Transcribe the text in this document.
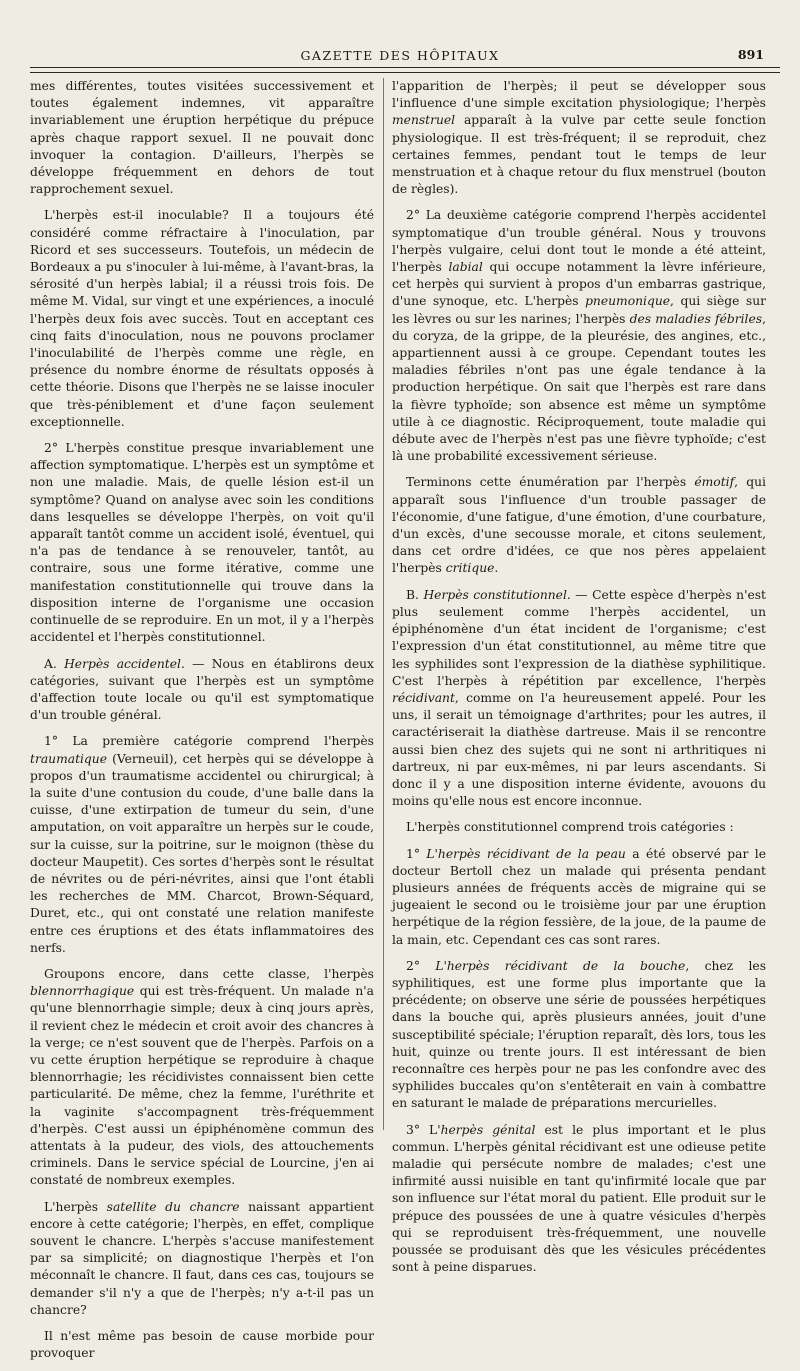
GAZETTE DES HÔPITAUX	891

mes différentes, toutes visitées successivement et toutes également indemnes, vit apparaître invariablement une éruption herpétique du prépuce après chaque rapport sexuel. Il ne pouvait donc invoquer la contagion. D'ailleurs, l'herpès se développe fréquemment en dehors de tout rapprochement sexuel.

L'herpès est-il inoculable? Il a toujours été considéré comme réfractaire à l'inoculation, par Ricord et ses successeurs. Toutefois, un médecin de Bordeaux a pu s'inoculer à lui-même, à l'avant-bras, la sérosité d'un herpès labial; il a réussi trois fois. De même M. Vidal, sur vingt et une expériences, a inoculé l'herpès deux fois avec succès. Tout en acceptant ces cinq faits d'inoculation, nous ne pouvons proclamer l'inoculabilité de l'herpès comme une règle, en présence du nombre énorme de résultats opposés à cette théorie. Disons que l'herpès ne se laisse inoculer que très-péniblement et d'une façon seulement exceptionnelle.

2° L'herpès constitue presque invariablement une affection symptomatique. L'herpès est un symptôme et non une maladie. Mais, de quelle lésion est-il un symptôme? Quand on analyse avec soin les conditions dans lesquelles se développe l'herpès, on voit qu'il apparaît tantôt comme un accident isolé, éventuel, qui n'a pas de tendance à se renouveler, tantôt, au contraire, sous une forme itérative, comme une manifestation constitutionnelle qui trouve dans la disposition interne de l'organisme une occasion continuelle de se reproduire. En un mot, il y a l'herpès accidentel et l'herpès constitutionnel.

A. Herpès accidentel. — Nous en établirons deux catégories, suivant que l'herpès est un symptôme d'affection toute locale ou qu'il est symptomatique d'un trouble général.

1° La première catégorie comprend l'herpès traumatique (Verneuil), cet herpès qui se développe à propos d'un traumatisme accidentel ou chirurgical; à la suite d'une contusion du coude, d'une balle dans la cuisse, d'une extirpation de tumeur du sein, d'une amputation, on voit apparaître un herpès sur le coude, sur la cuisse, sur la poitrine, sur le moignon (thèse du docteur Maupetit). Ces sortes d'herpès sont le résultat de névrites ou de péri-névrites, ainsi que l'ont établi les recherches de MM. Charcot, Brown-Séquard, Duret, etc., qui ont constaté une relation manifeste entre ces éruptions et des états inflammatoires des nerfs.

Groupons encore, dans cette classe, l'herpès blennorrhagique qui est très-fréquent. Un malade n'a qu'une blennorrhagie simple; deux à cinq jours après, il revient chez le médecin et croit avoir des chancres à la verge; ce n'est souvent que de l'herpès. Parfois on a vu cette éruption herpétique se reproduire à chaque blennorrhagie; les récidivistes connaissent bien cette particularité. De même, chez la femme, l'uréthrite et la vaginite s'accompagnent très-fréquemment d'herpès. C'est aussi un épiphénomène commun des attentats à la pudeur, des viols, des attouchements criminels. Dans le service spécial de Lourcine, j'en ai constaté de nombreux exemples.

L'herpès satellite du chancre naissant appartient encore à cette catégorie; l'herpès, en effet, complique souvent le chancre. L'herpès s'accuse manifestement par sa simplicité; on diagnostique l'herpès et l'on méconnaît le chancre. Il faut, dans ces cas, toujours se demander s'il n'y a que de l'herpès; n'y a-t-il pas un chancre?

Il n'est même pas besoin de cause morbide pour provoquer

l'apparition de l'herpès; il peut se développer sous l'influence d'une simple excitation physiologique; l'herpès menstruel apparaît à la vulve par cette seule fonction physiologique. Il est très-fréquent; il se reproduit, chez certaines femmes, pendant tout le temps de leur menstruation et à chaque retour du flux menstruel (bouton de règles).

2° La deuxième catégorie comprend l'herpès accidentel symptomatique d'un trouble général. Nous y trouvons l'herpès vulgaire, celui dont tout le monde a été atteint, l'herpès labial qui occupe notamment la lèvre inférieure, cet herpès qui survient à propos d'un embarras gastrique, d'une synoque, etc. L'herpès pneumonique, qui siège sur les lèvres ou sur les narines; l'herpès des maladies fébriles, du coryza, de la grippe, de la pleurésie, des angines, etc., appartiennent aussi à ce groupe. Cependant toutes les maladies fébriles n'ont pas une égale tendance à la production herpétique. On sait que l'herpès est rare dans la fièvre typhoïde; son absence est même un symptôme utile à ce diagnostic. Réciproquement, toute maladie qui débute avec de l'herpès n'est pas une fièvre typhoïde; c'est là une probabilité excessivement sérieuse.

Terminons cette énumération par l'herpès émotif, qui apparaît sous l'influence d'un trouble passager de l'économie, d'une fatigue, d'une émotion, d'une courbature, d'un excès, d'une secousse morale, et citons seulement, dans cet ordre d'idées, ce que nos pères appelaient l'herpès critique.

B. Herpès constitutionnel. — Cette espèce d'herpès n'est plus seulement comme l'herpès accidentel, un épiphénomène d'un état incident de l'organisme; c'est l'expression d'un état constitutionnel, au même titre que les syphilides sont l'expression de la diathèse syphilitique. C'est l'herpès à répétition par excellence, l'herpès récidivant, comme on l'a heureusement appelé. Pour les uns, il serait un témoignage d'arthrites; pour les autres, il caractériserait la diathèse dartreuse. Mais il se rencontre aussi bien chez des sujets qui ne sont ni arthritiques ni dartreux, ni par eux-mêmes, ni par leurs ascendants. Si donc il y a une disposition interne évidente, avouons du moins qu'elle nous est encore inconnue.

L'herpès constitutionnel comprend trois catégories :

1° L'herpès récidivant de la peau a été observé par le docteur Bertoll chez un malade qui présenta pendant plusieurs années de fréquents accès de migraine qui se jugeaient le second ou le troisième jour par une éruption herpétique de la région fessière, de la joue, de la paume de la main, etc. Cependant ces cas sont rares.

2° L'herpès récidivant de la bouche, chez les syphilitiques, est une forme plus importante que la précédente; on observe une série de poussées herpétiques dans la bouche qui, après plusieurs années, jouit d'une susceptibilité spéciale; l'éruption reparaît, dès lors, tous les huit, quinze ou trente jours. Il est intéressant de bien reconnaître ces herpès pour ne pas les confondre avec des syphilides buccales qu'on s'entêterait en vain à combattre en saturant le malade de préparations mercurielles.

3° L'herpès génital est le plus important et le plus commun. L'herpès génital récidivant est une odieuse petite maladie qui persécute nombre de malades; c'est une infirmité aussi nuisible en tant qu'infirmité locale que par son influence sur l'état moral du patient. Elle produit sur le prépuce des poussées de une à quatre vésicules d'herpès qui se reproduisent très-fréquemment, une nouvelle poussée se produisant dès que les vésicules précédentes sont à peine disparues.
